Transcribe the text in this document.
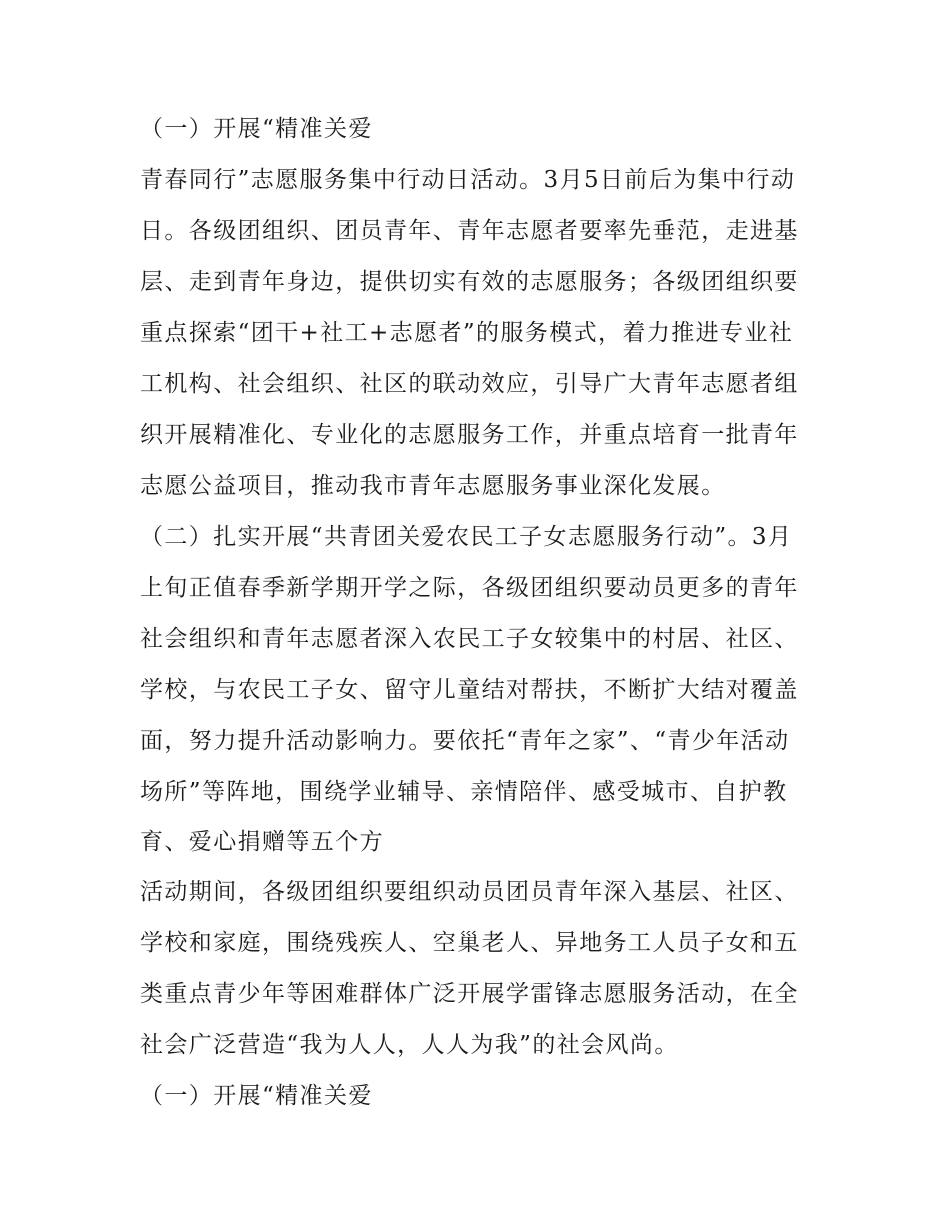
（一）开展“精准关爱

青春同行”志愿服务集中行动日活动。3月5日前后为集中行动

日。各级团组织、团员青年、青年志愿者要率先垂范，走进基

层、走到青年身边，提供切实有效的志愿服务；各级团组织要

重点探索“团干+社工+志愿者”的服务模式，着力推进专业社

工机构、社会组织、社区的联动效应，引导广大青年志愿者组

织开展精准化、专业化的志愿服务工作，并重点培育一批青年

志愿公益项目，推动我市青年志愿服务事业深化发展。

（二）扎实开展“共青团关爱农民工子女志愿服务行动”。3月

上旬正值春季新学期开学之际，各级团组织要动员更多的青年

社会组织和青年志愿者深入农民工子女较集中的村居、社区、

学校，与农民工子女、留守儿童结对帮扶，不断扩大结对覆盖

面，努力提升活动影响力。要依托“青年之家”、“青少年活动

场所”等阵地，围绕学业辅导、亲情陪伴、感受城市、自护教

育、爱心捐赠等五个方

活动期间，各级团组织要组织动员团员青年深入基层、社区、

学校和家庭，围绕残疾人、空巢老人、异地务工人员子女和五

类重点青少年等困难群体广泛开展学雷锋志愿服务活动，在全

社会广泛营造“我为人人，人人为我”的社会风尚。

（一）开展“精准关爱
